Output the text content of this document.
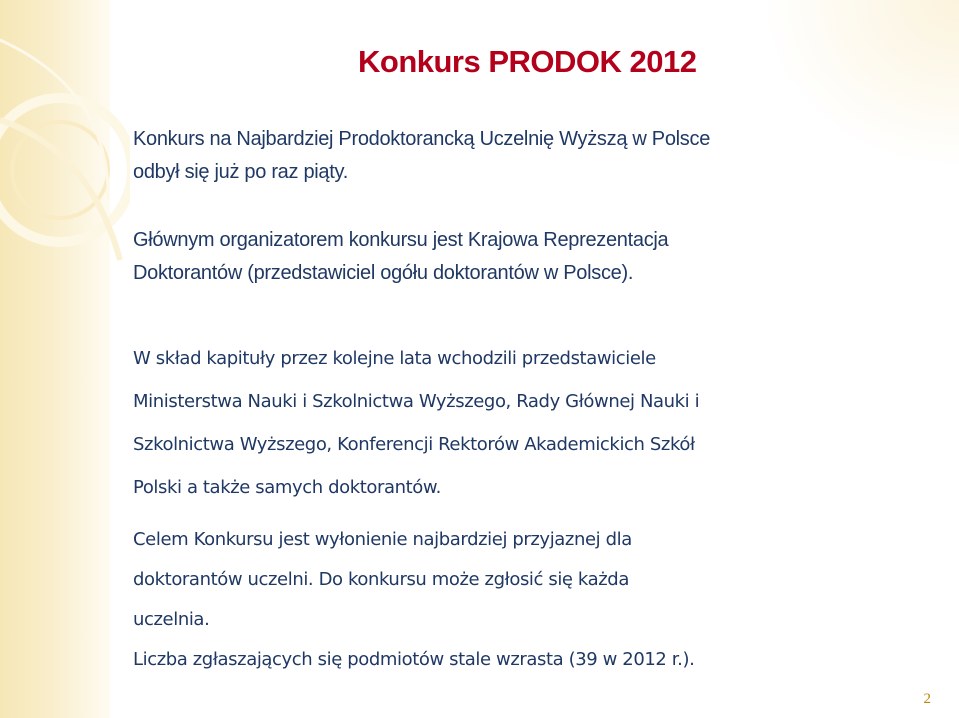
Konkurs PRODOK 2012
Konkurs na Najbardziej Prodoktorancką Uczelnię Wyższą w Polsce
odbył się już po raz piąty.
Głównym organizatorem konkursu jest Krajowa Reprezentacja
Doktorantów (przedstawiciel ogółu doktorantów w Polsce).
W skład kapituły przez kolejne lata wchodzili przedstawiciele
Ministerstwa Nauki i Szkolnictwa Wyższego, Rady Głównej Nauki i
Szkolnictwa Wyższego, Konferencji Rektorów Akademickich Szkół
Polski a także samych doktorantów.
Celem Konkursu jest wyłonienie najbardziej przyjaznej dla
doktorantów uczelni. Do konkursu może zgłosić się każda
uczelnia.
Liczba zgłaszających się podmiotów stale wzrasta (39 w 2012 r.).
2
